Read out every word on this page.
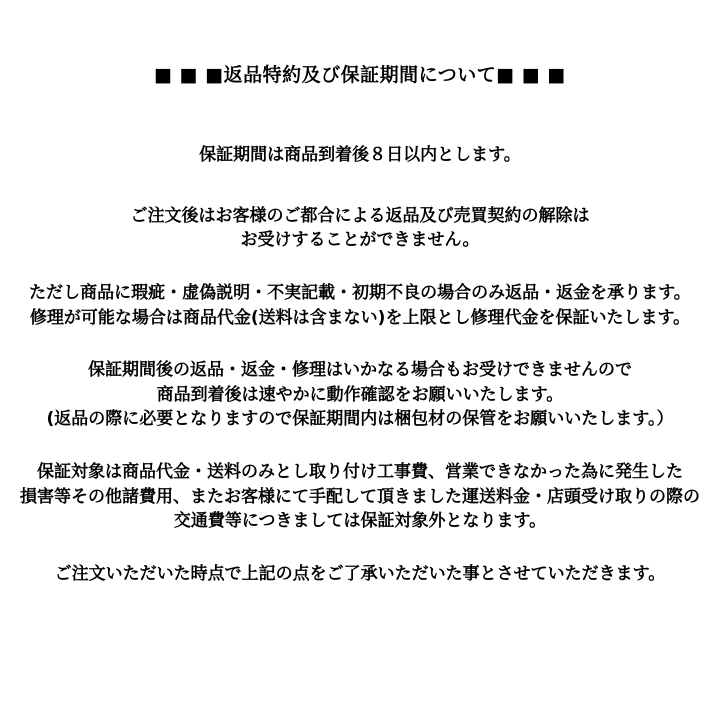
■ ■ ■返品特約及び保証期間について■ ■ ■
保証期間は商品到着後８日以内とします。
ご注文後はお客様のご都合による返品及び売買契約の解除は
お受けすることができません。
ただし商品に瑕疵・虚偽説明・不実記載・初期不良の場合のみ返品・返金を承ります。
修理が可能な場合は商品代金(送料は含まない)を上限とし修理代金を保証いたします。
保証期間後の返品・返金・修理はいかなる場合もお受けできませんので
商品到着後は速やかに動作確認をお願いいたします。
(返品の際に必要となりますので保証期間内は梱包材の保管をお願いいたします。）
保証対象は商品代金・送料のみとし取り付け工事費、営業できなかった為に発生した
損害等その他諸費用、またお客様にて手配して頂きました運送料金・店頭受け取りの際の
交通費等につきましては保証対象外となります。
ご注文いただいた時点で上記の点をご了承いただいた事とさせていただきます。
